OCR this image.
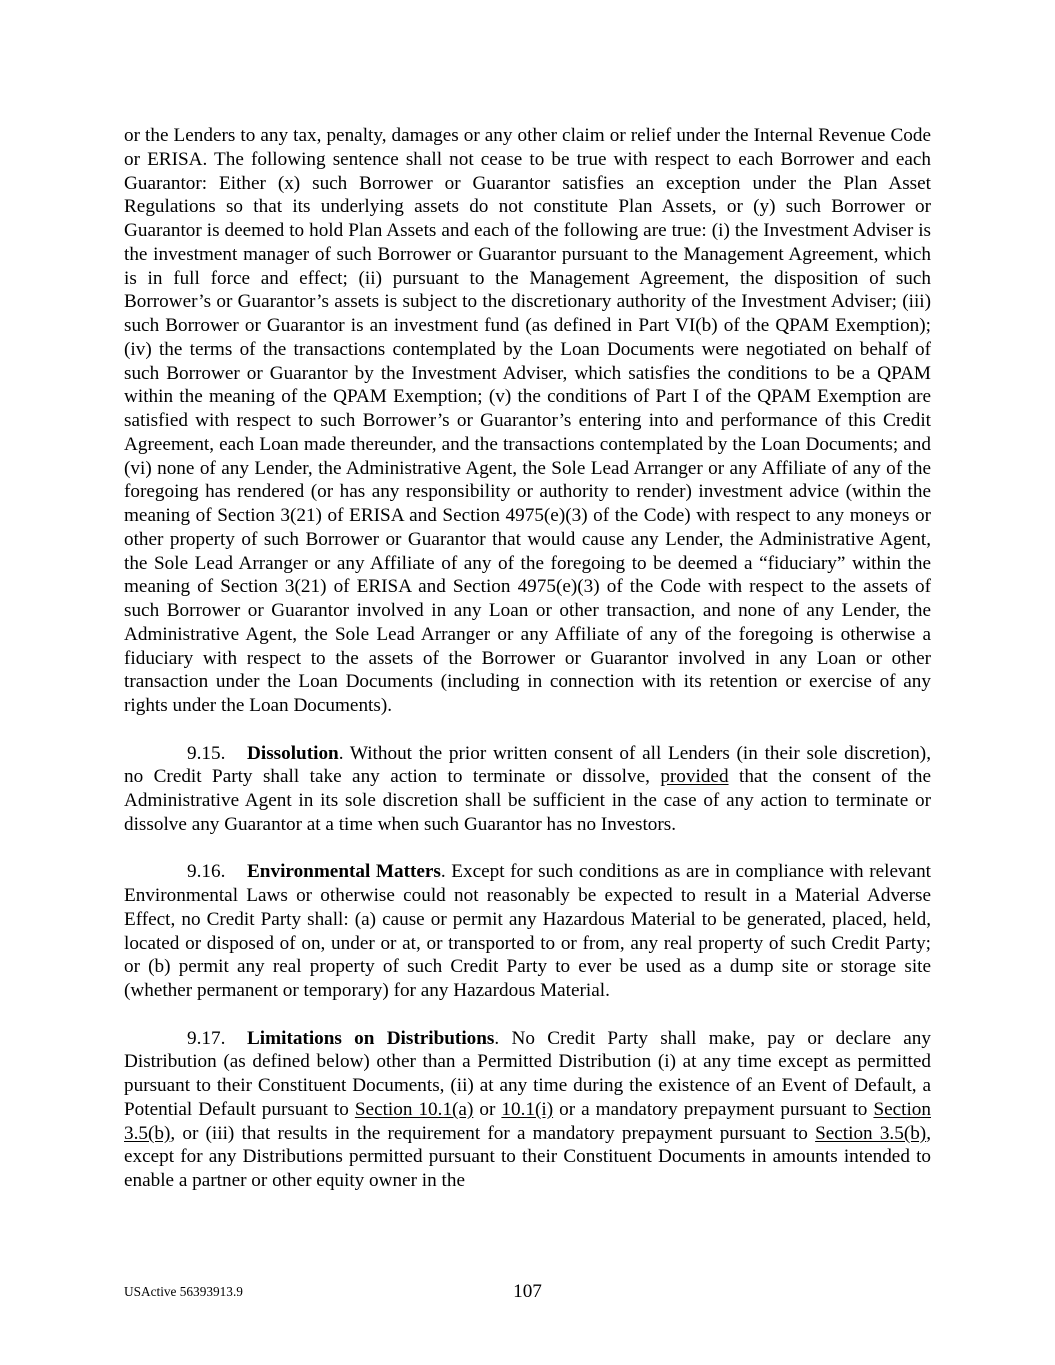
or the Lenders to any tax, penalty, damages or any other claim or relief under the Internal Revenue Code or ERISA. The following sentence shall not cease to be true with respect to each Borrower and each Guarantor: Either (x) such Borrower or Guarantor satisfies an exception under the Plan Asset Regulations so that its underlying assets do not constitute Plan Assets, or (y) such Borrower or Guarantor is deemed to hold Plan Assets and each of the following are true: (i) the Investment Adviser is the investment manager of such Borrower or Guarantor pursuant to the Management Agreement, which is in full force and effect; (ii) pursuant to the Management Agreement, the disposition of such Borrower’s or Guarantor’s assets is subject to the discretionary authority of the Investment Adviser; (iii) such Borrower or Guarantor is an investment fund (as defined in Part VI(b) of the QPAM Exemption); (iv) the terms of the transactions contemplated by the Loan Documents were negotiated on behalf of such Borrower or Guarantor by the Investment Adviser, which satisfies the conditions to be a QPAM within the meaning of the QPAM Exemption; (v) the conditions of Part I of the QPAM Exemption are satisfied with respect to such Borrower’s or Guarantor’s entering into and performance of this Credit Agreement, each Loan made thereunder, and the transactions contemplated by the Loan Documents; and (vi) none of any Lender, the Administrative Agent, the Sole Lead Arranger or any Affiliate of any of the foregoing has rendered (or has any responsibility or authority to render) investment advice (within the meaning of Section 3(21) of ERISA and Section 4975(e)(3) of the Code) with respect to any moneys or other property of such Borrower or Guarantor that would cause any Lender, the Administrative Agent, the Sole Lead Arranger or any Affiliate of any of the foregoing to be deemed a “fiduciary” within the meaning of Section 3(21) of ERISA and Section 4975(e)(3) of the Code with respect to the assets of such Borrower or Guarantor involved in any Loan or other transaction, and none of any Lender, the Administrative Agent, the Sole Lead Arranger or any Affiliate of any of the foregoing is otherwise a fiduciary with respect to the assets of the Borrower or Guarantor involved in any Loan or other transaction under the Loan Documents (including in connection with its retention or exercise of any rights under the Loan Documents).

9.15. Dissolution. Without the prior written consent of all Lenders (in their sole discretion), no Credit Party shall take any action to terminate or dissolve, provided that the consent of the Administrative Agent in its sole discretion shall be sufficient in the case of any action to terminate or dissolve any Guarantor at a time when such Guarantor has no Investors.

9.16. Environmental Matters. Except for such conditions as are in compliance with relevant Environmental Laws or otherwise could not reasonably be expected to result in a Material Adverse Effect, no Credit Party shall: (a) cause or permit any Hazardous Material to be generated, placed, held, located or disposed of on, under or at, or transported to or from, any real property of such Credit Party; or (b) permit any real property of such Credit Party to ever be used as a dump site or storage site (whether permanent or temporary) for any Hazardous Material.

9.17. Limitations on Distributions. No Credit Party shall make, pay or declare any Distribution (as defined below) other than a Permitted Distribution (i) at any time except as permitted pursuant to their Constituent Documents, (ii) at any time during the existence of an Event of Default, a Potential Default pursuant to Section 10.1(a) or 10.1(i) or a mandatory prepayment pursuant to Section 3.5(b), or (iii) that results in the requirement for a mandatory prepayment pursuant to Section 3.5(b), except for any Distributions permitted pursuant to their Constituent Documents in amounts intended to enable a partner or other equity owner in the

USActive 56393913.9	107
